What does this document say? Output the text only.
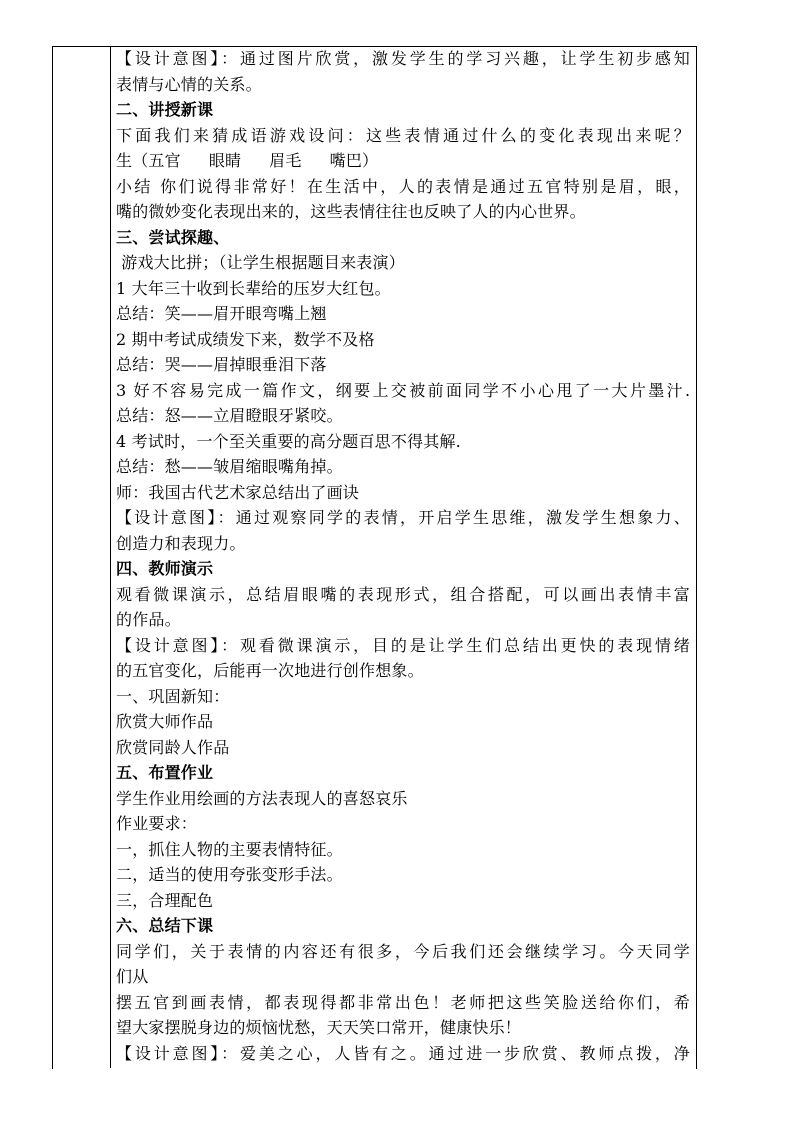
【设计意图】：通过图片欣赏，激发学生的学习兴趣，让学生初步感知
表情与心情的关系。
二、讲授新课
下面我们来猜成语游戏设问：这些表情通过什么的变化表现出来呢？
生（五官 眼睛 眉毛 嘴巴）
小结 你们说得非常好！在生活中，人的表情是通过五官特别是眉，眼，
嘴的微妙变化表现出来的，这些表情往往也反映了人的内心世界。
三、尝试探趣、
游戏大比拼；（让学生根据题目来表演）
1 大年三十收到长辈给的压岁大红包。
总结：笑——眉开眼弯嘴上翘
2 期中考试成绩发下来，数学不及格
总结：哭——眉掉眼垂泪下落
3 好不容易完成一篇作文，纲要上交被前面同学不小心甩了一大片墨汁.
总结：怒——立眉瞪眼牙紧咬。
4 考试时，一个至关重要的高分题百思不得其解.
总结：愁——皱眉缩眼嘴角掉。
师：我国古代艺术家总结出了画诀
【设计意图】：通过观察同学的表情，开启学生思维，激发学生想象力、
创造力和表现力。
四、教师演示
观看微课演示，总结眉眼嘴的表现形式，组合搭配，可以画出表情丰富
的作品。
【设计意图】：观看微课演示，目的是让学生们总结出更快的表现情绪
的五官变化，后能再一次地进行创作想象。
一、巩固新知：
欣赏大师作品
欣赏同龄人作品
五、布置作业
学生作业用绘画的方法表现人的喜怒哀乐
作业要求：
一，抓住人物的主要表情特征。
二，适当的使用夸张变形手法。
三，合理配色
六、总结下课
同学们，关于表情的内容还有很多，今后我们还会继续学习。今天同学
们从
摆五官到画表情，都表现得都非常出色！老师把这些笑脸送给你们，希
望大家摆脱身边的烦恼忧愁，天天笑口常开，健康快乐！
【设计意图】：爱美之心，人皆有之。通过进一步欣赏、教师点拨，净
